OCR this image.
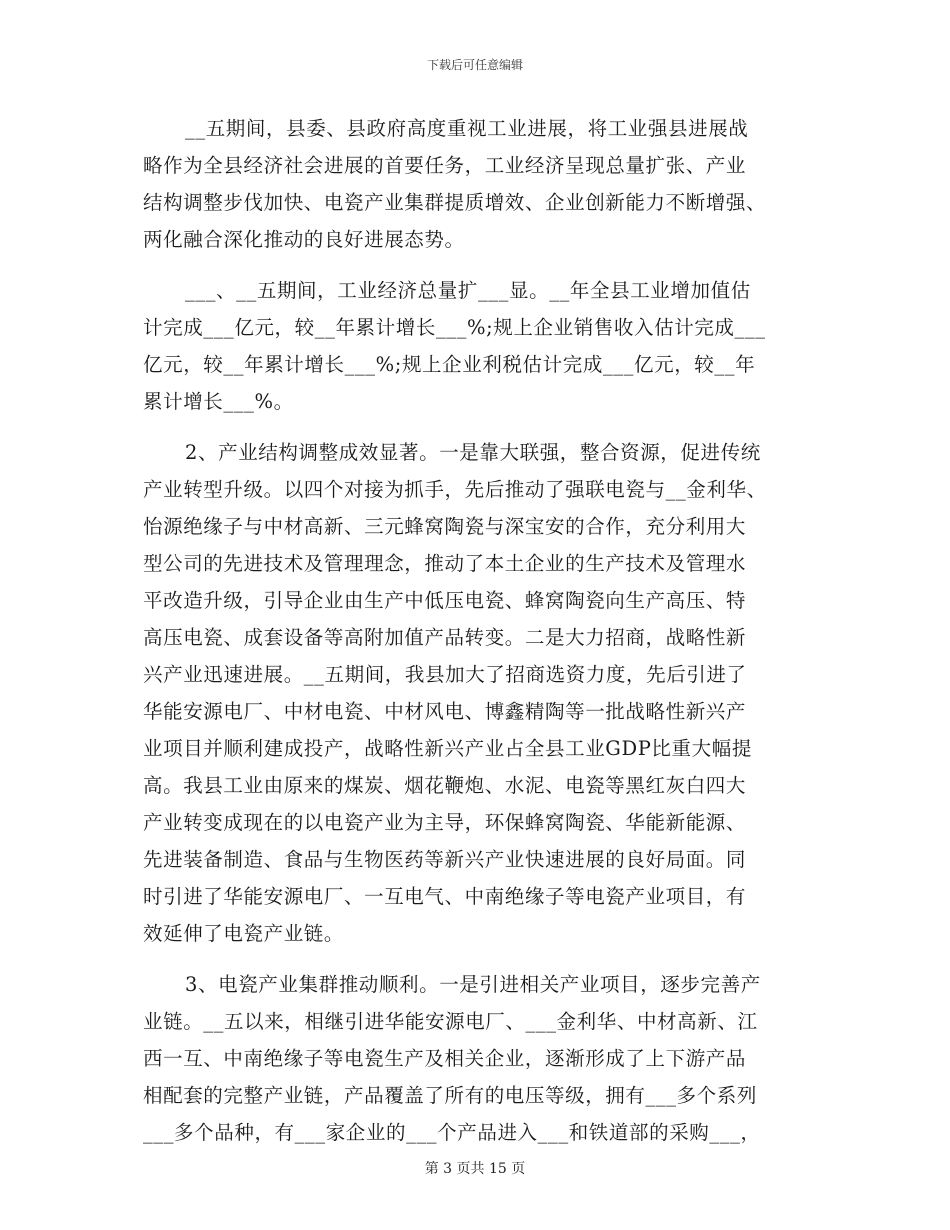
下载后可任意编辑
__五期间，县委、县政府高度重视工业进展，将工业强县进展战
略作为全县经济社会进展的首要任务，工业经济呈现总量扩张、产业
结构调整步伐加快、电瓷产业集群提质增效、企业创新能力不断增强、
两化融合深化推动的良好进展态势。
___、__五期间，工业经济总量扩___显。__年全县工业增加值估
计完成___亿元，较__年累计增长___%;规上企业销售收入估计完成___
亿元，较__年累计增长___%;规上企业利税估计完成___亿元，较__年
累计增长___%。
2、产业结构调整成效显著。一是靠大联强，整合资源，促进传统
产业转型升级。以四个对接为抓手，先后推动了强联电瓷与__金利华、
怡源绝缘子与中材高新、三元蜂窝陶瓷与深宝安的合作，充分利用大
型公司的先进技术及管理理念，推动了本土企业的生产技术及管理水
平改造升级，引导企业由生产中低压电瓷、蜂窝陶瓷向生产高压、特
高压电瓷、成套设备等高附加值产品转变。二是大力招商，战略性新
兴产业迅速进展。__五期间，我县加大了招商选资力度，先后引进了
华能安源电厂、中材电瓷、中材风电、博鑫精陶等一批战略性新兴产
业项目并顺利建成投产，战略性新兴产业占全县工业GDP比重大幅提
高。我县工业由原来的煤炭、烟花鞭炮、水泥、电瓷等黑红灰白四大
产业转变成现在的以电瓷产业为主导，环保蜂窝陶瓷、华能新能源、
先进装备制造、食品与生物医药等新兴产业快速进展的良好局面。同
时引进了华能安源电厂、一互电气、中南绝缘子等电瓷产业项目，有
效延伸了电瓷产业链。
3、电瓷产业集群推动顺利。一是引进相关产业项目，逐步完善产
业链。__五以来，相继引进华能安源电厂、___金利华、中材高新、江
西一互、中南绝缘子等电瓷生产及相关企业，逐渐形成了上下游产品
相配套的完整产业链，产品覆盖了所有的电压等级，拥有___多个系列
___多个品种，有___家企业的___个产品进入___和铁道部的采购___，
第 3 页共 15 页
